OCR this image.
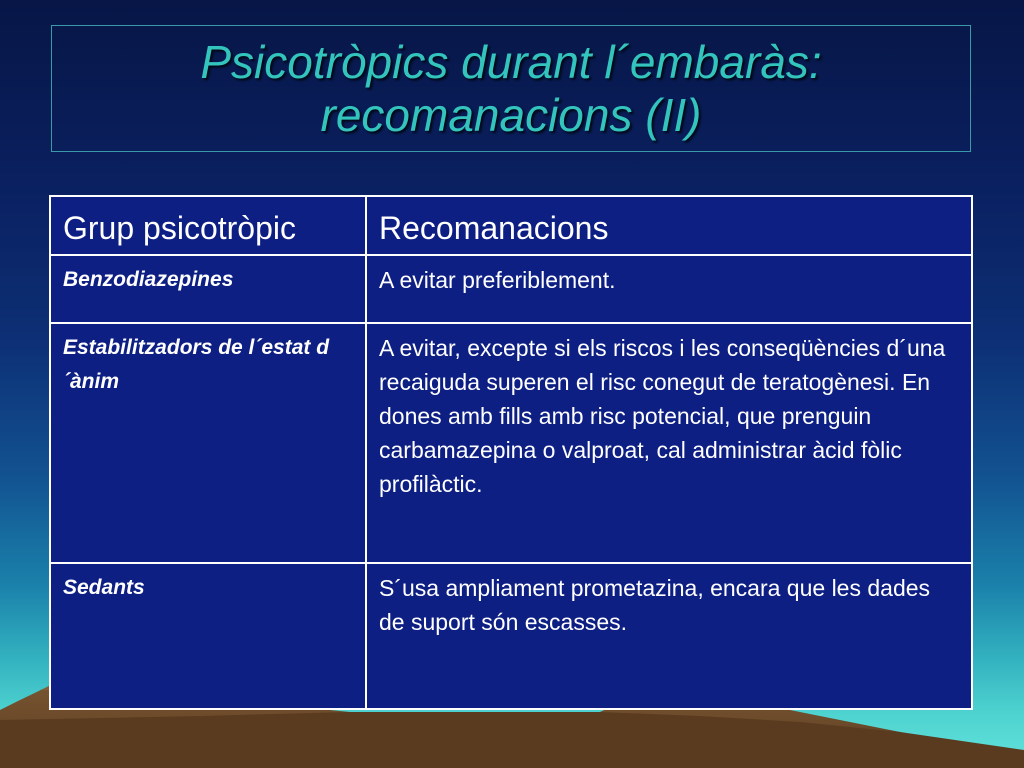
Psicotròpics durant l´embaràs:
recomanacions (II)
Grup psicotròpic	Recomanacions
Benzodiazepines	A evitar preferiblement.
Estabilitzadors de l´estat d´ànim	A evitar, excepte si els riscos i les conseqüències d´una recaiguda superen el risc conegut de teratogènesi. En dones amb fills amb risc potencial, que prenguin carbamazepina o valproat, cal administrar àcid fòlic profilàctic.
Sedants	S´usa ampliament prometazina, encara que les dades de suport són escasses.
